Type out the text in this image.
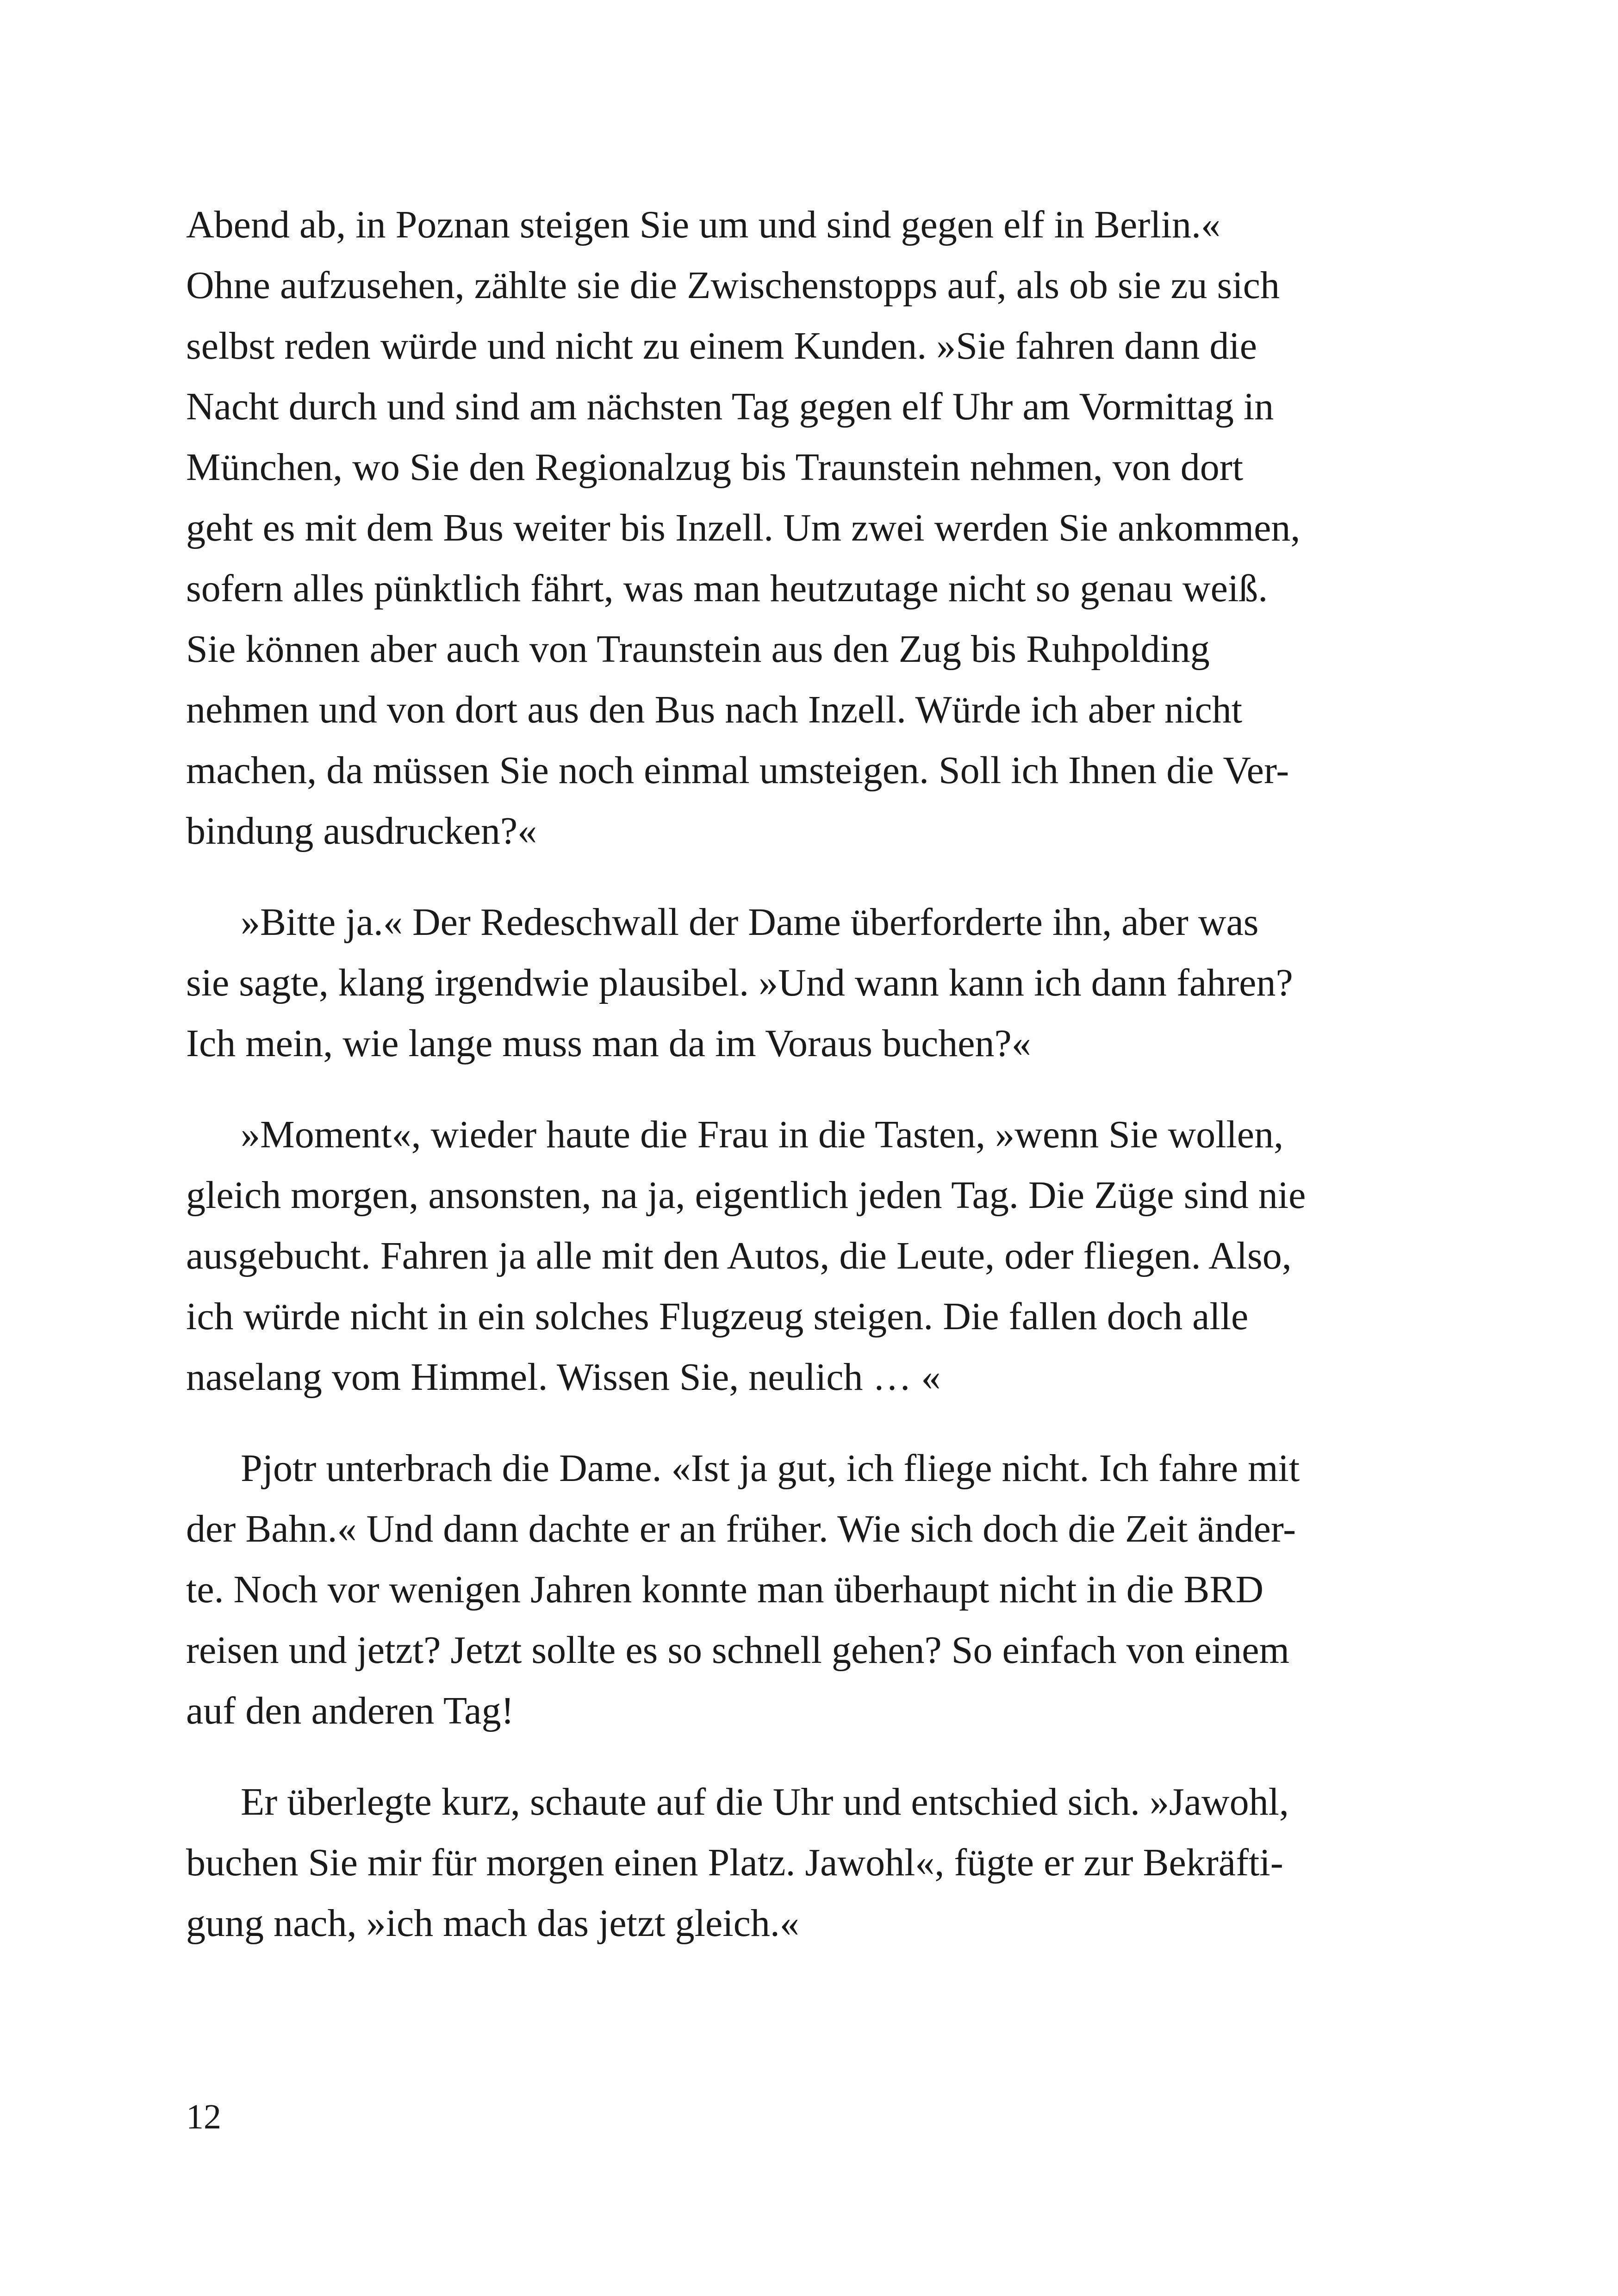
Abend ab, in Poznan steigen Sie um und sind gegen elf in Berlin.«
Ohne aufzusehen, zählte sie die Zwischenstopps auf, als ob sie zu sich
selbst reden würde und nicht zu einem Kunden. »Sie fahren dann die
Nacht durch und sind am nächsten Tag gegen elf Uhr am Vormittag in
München, wo Sie den Regionalzug bis Traunstein nehmen, von dort
geht es mit dem Bus weiter bis Inzell. Um zwei werden Sie ankommen,
sofern alles pünktlich fährt, was man heutzutage nicht so genau weiß.
Sie können aber auch von Traunstein aus den Zug bis Ruhpolding
nehmen und von dort aus den Bus nach Inzell. Würde ich aber nicht
machen, da müssen Sie noch einmal umsteigen. Soll ich Ihnen die Ver-
bindung ausdrucken?«

»Bitte ja.« Der Redeschwall der Dame überforderte ihn, aber was
sie sagte, klang irgendwie plausibel. »Und wann kann ich dann fahren?
Ich mein, wie lange muss man da im Voraus buchen?«

»Moment«, wieder haute die Frau in die Tasten, »wenn Sie wollen,
gleich morgen, ansonsten, na ja, eigentlich jeden Tag. Die Züge sind nie
ausgebucht. Fahren ja alle mit den Autos, die Leute, oder fliegen. Also,
ich würde nicht in ein solches Flugzeug steigen. Die fallen doch alle
naselang vom Himmel. Wissen Sie, neulich … «

Pjotr unterbrach die Dame. «Ist ja gut, ich fliege nicht. Ich fahre mit
der Bahn.« Und dann dachte er an früher. Wie sich doch die Zeit änder-
te. Noch vor wenigen Jahren konnte man überhaupt nicht in die BRD
reisen und jetzt? Jetzt sollte es so schnell gehen? So einfach von einem
auf den anderen Tag!

Er überlegte kurz, schaute auf die Uhr und entschied sich. »Jawohl,
buchen Sie mir für morgen einen Platz. Jawohl«, fügte er zur Bekräfti-
gung nach, »ich mach das jetzt gleich.«

12
